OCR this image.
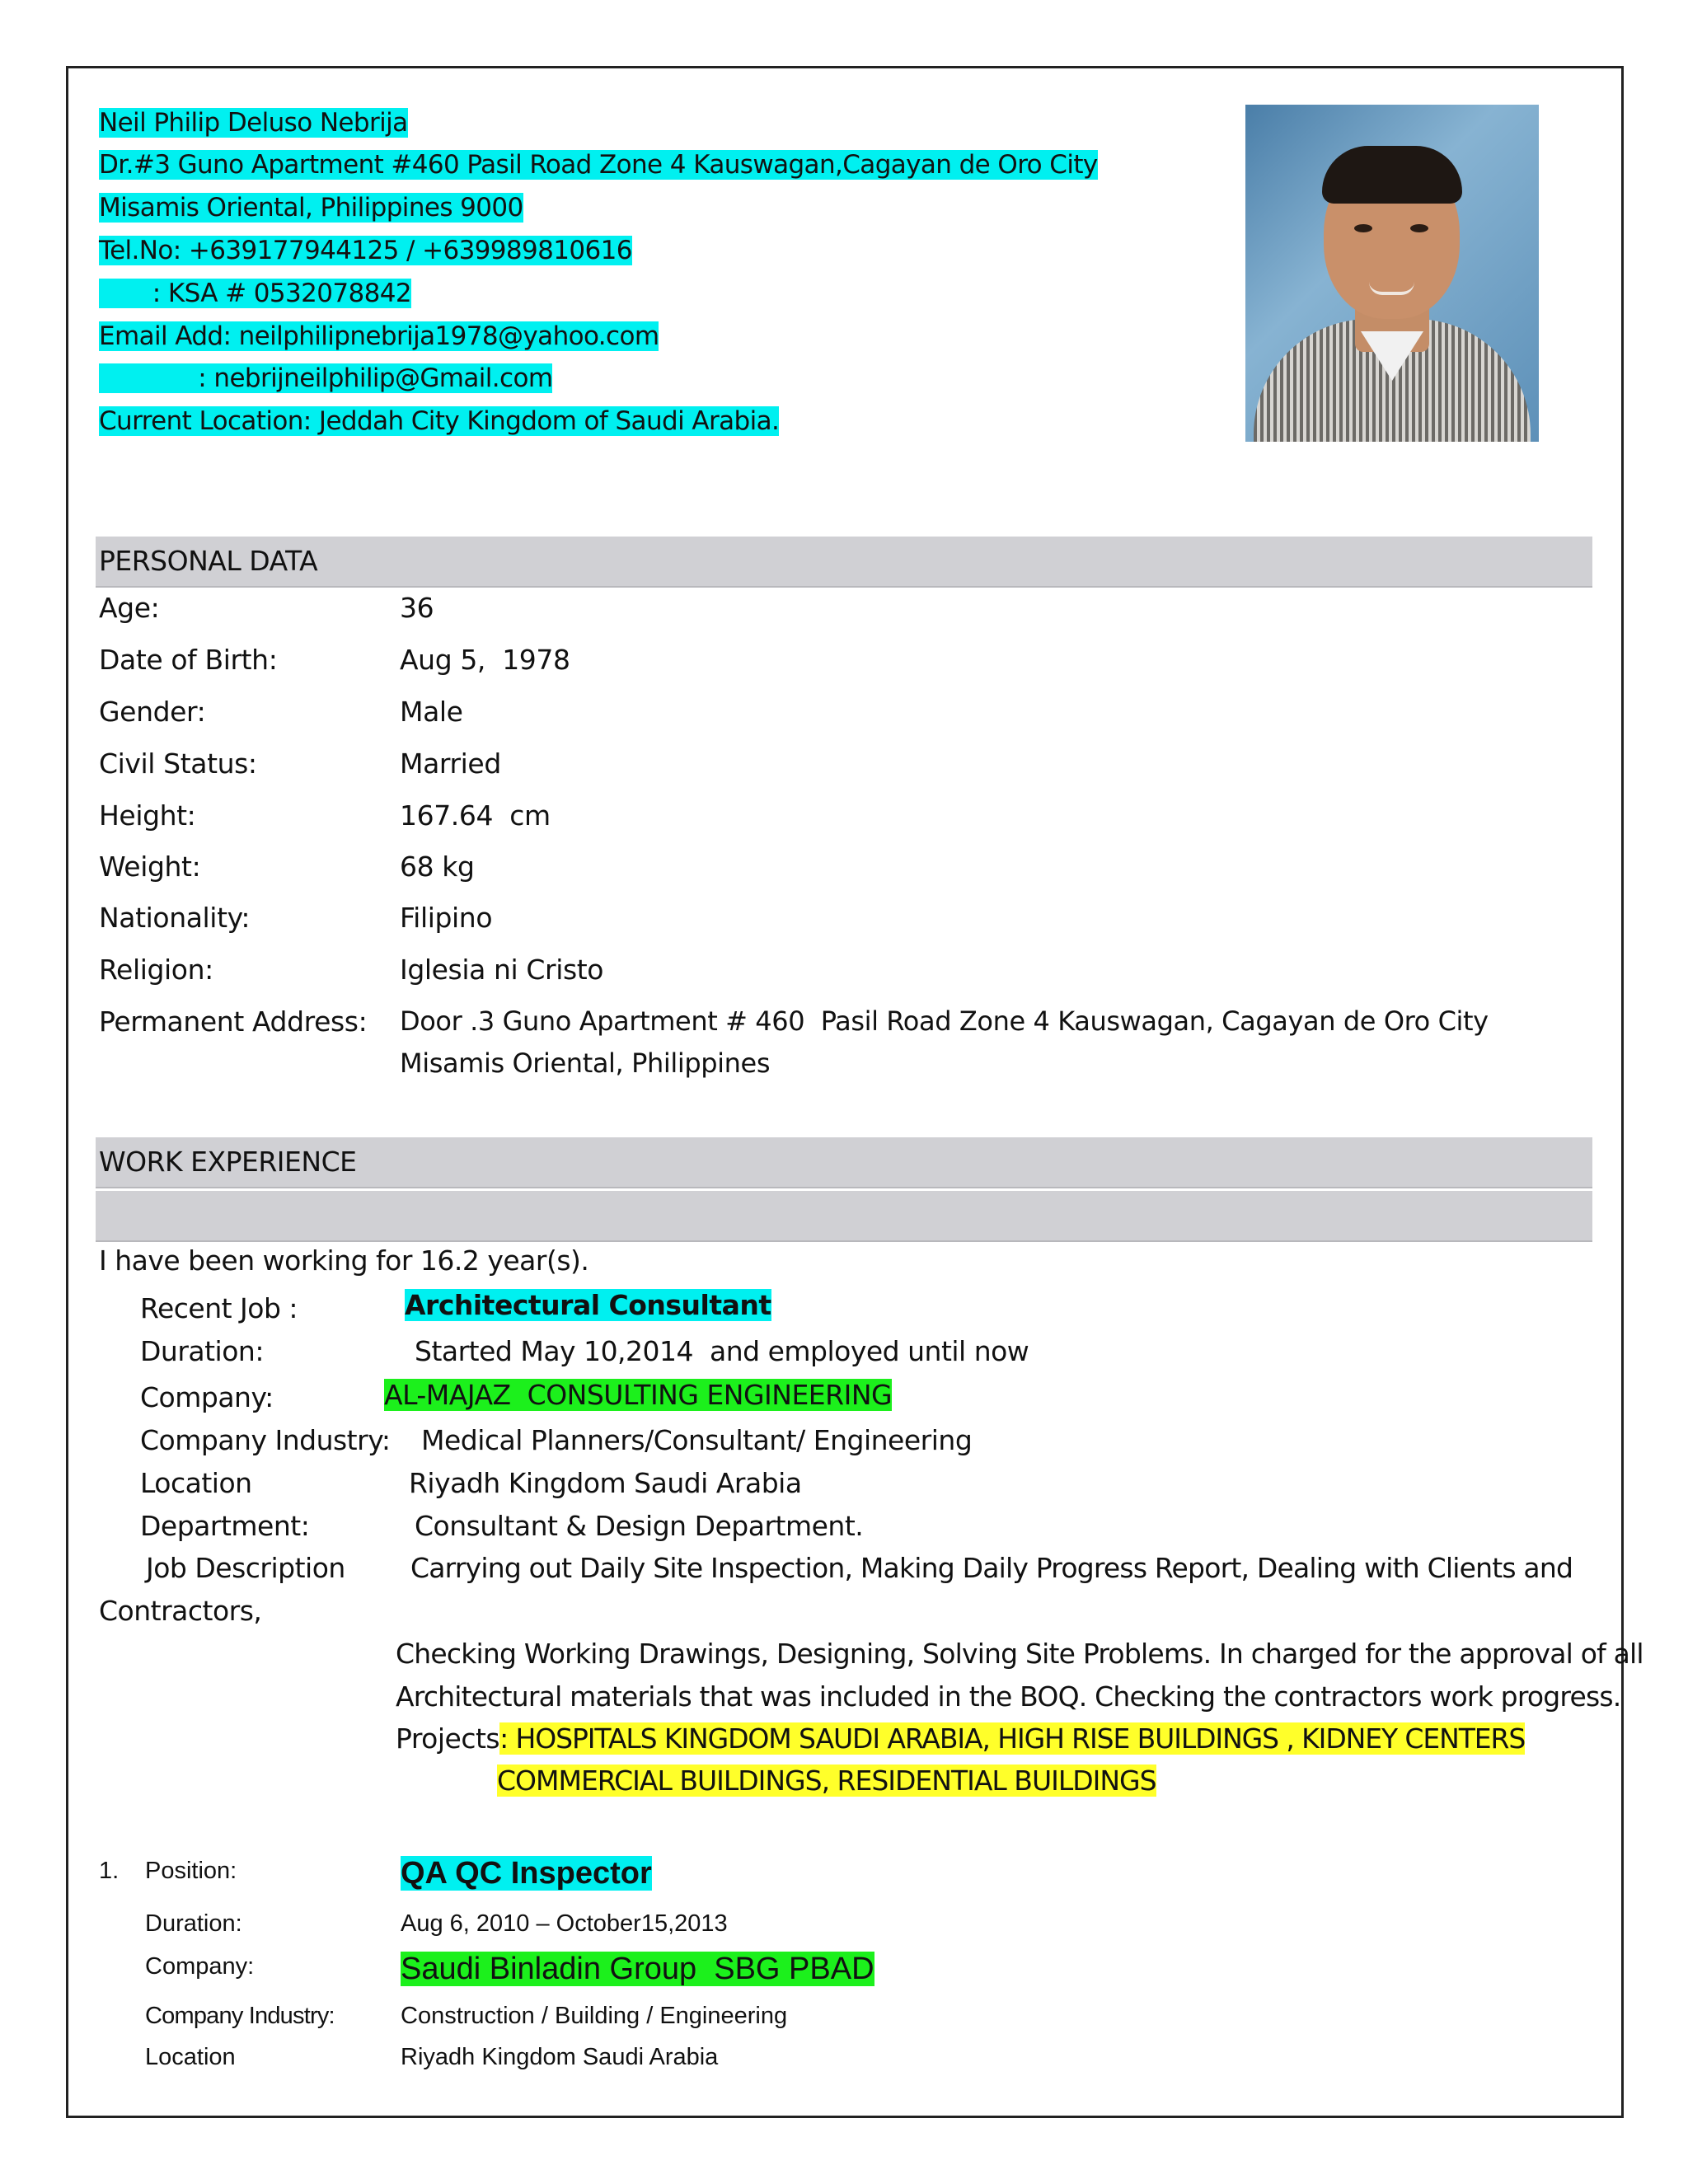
Neil Philip Deluso Nebrija
Dr.#3 Guno Apartment #460 Pasil Road Zone 4 Kauswagan,Cagayan de Oro City
Misamis Oriental, Philippines 9000
Tel.No: +639177944125 / +639989810616
: KSA # 0532078842
Email Add: neilphilipnebrija1978@yahoo.com
: nebrijneilphilip@Gmail.com
Current Location: Jeddah City Kingdom of Saudi Arabia.
PERSONAL DATA
Age:	36
Date of Birth:	Aug 5,  1978
Gender:	Male
Civil Status:	Married
Height:	167.64  cm
Weight:	68 kg
Nationality:	Filipino
Religion:	Iglesia ni Cristo
Permanent Address: Door .3 Guno Apartment # 460  Pasil Road Zone 4 Kauswagan, Cagayan de Oro City
Misamis Oriental, Philippines
WORK EXPERIENCE
I have been working for 16.2 year(s).
Recent Job :	Architectural Consultant
Duration:	Started May 10,2014  and employed until now
Company:	AL-MAJAZ  CONSULTING ENGINEERING
Company Industry: Medical Planners/Consultant/ Engineering
Location	Riyadh Kingdom Saudi Arabia
Department:	Consultant & Design Department.
Job Description Carrying out Daily Site Inspection, Making Daily Progress Report, Dealing with Clients and
Contractors,
Checking Working Drawings, Designing, Solving Site Problems. In charged for the approval of all
Architectural materials that was included in the BOQ. Checking the contractors work progress.
Projects: HOSPITALS KINGDOM SAUDI ARABIA, HIGH RISE BUILDINGS , KIDNEY CENTERS
COMMERCIAL BUILDINGS, RESIDENTIAL BUILDINGS
1. Position:	QA QC Inspector
Duration:	Aug 6, 2010 – October15,2013
Company:	Saudi Binladin Group  SBG PBAD
Company Industry:	Construction / Building / Engineering
Location	Riyadh Kingdom Saudi Arabia
